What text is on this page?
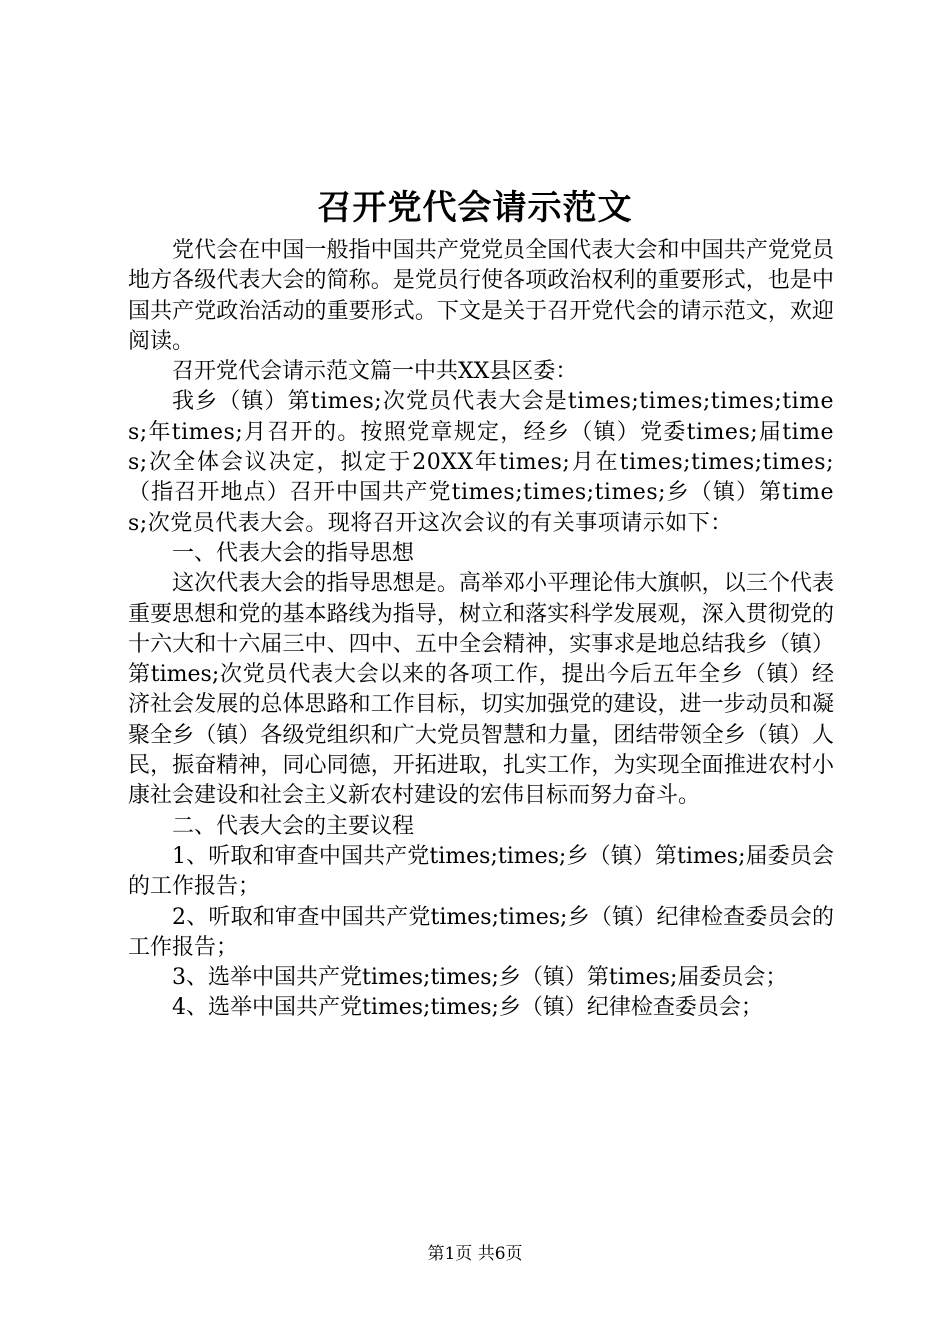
召开党代会请示范文

党代会在中国一般指中国共产党党员全国代表大会和中国共产党党员地方各级代表大会的简称。是党员行使各项政治权利的重要形式，也是中国共产党政治活动的重要形式。下文是关于召开党代会的请示范文，欢迎阅读。

召开党代会请示范文篇一中共XX县区委：

我乡（镇）第times;次党员代表大会是times;times;times;times;年times;月召开的。按照党章规定，经乡（镇）党委times;届times;次全体会议决定，拟定于20XX年times;月在times;times;times;（指召开地点）召开中国共产党times;times;times;乡（镇）第times;次党员代表大会。现将召开这次会议的有关事项请示如下：

一、代表大会的指导思想

这次代表大会的指导思想是。高举邓小平理论伟大旗帜，以三个代表重要思想和党的基本路线为指导，树立和落实科学发展观，深入贯彻党的十六大和十六届三中、四中、五中全会精神，实事求是地总结我乡（镇）第times;次党员代表大会以来的各项工作，提出今后五年全乡（镇）经济社会发展的总体思路和工作目标，切实加强党的建设，进一步动员和凝聚全乡（镇）各级党组织和广大党员智慧和力量，团结带领全乡（镇）人民，振奋精神，同心同德，开拓进取，扎实工作，为实现全面推进农村小康社会建设和社会主义新农村建设的宏伟目标而努力奋斗。

二、代表大会的主要议程

1、听取和审查中国共产党times;times;乡（镇）第times;届委员会的工作报告；

2、听取和审查中国共产党times;times;乡（镇）纪律检查委员会的工作报告；

3、选举中国共产党times;times;乡（镇）第times;届委员会；

4、选举中国共产党times;times;乡（镇）纪律检查委员会；

第1页 共6页
